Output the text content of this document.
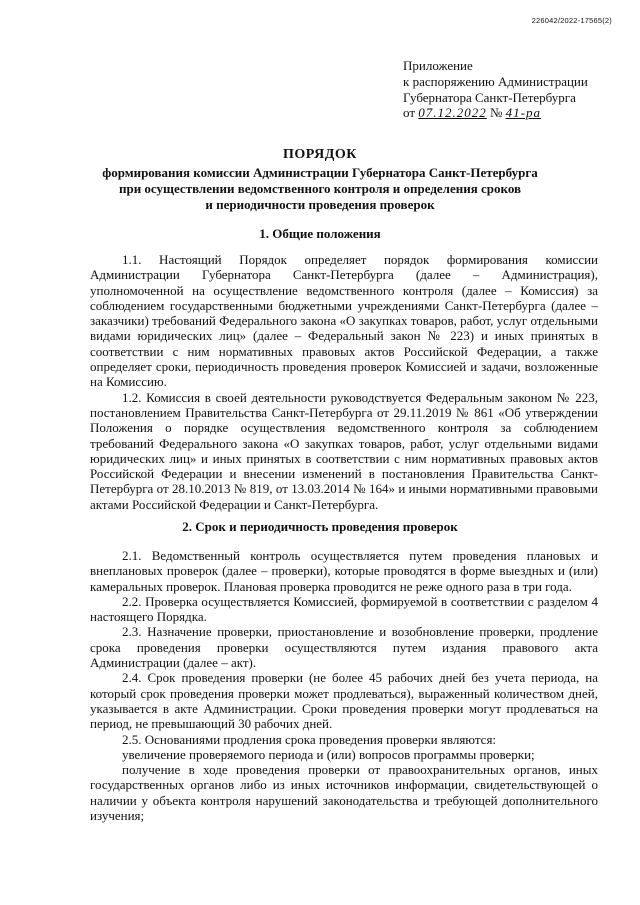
226042/2022-17565(2)
Приложение
к распоряжению Администрации
Губернатора Санкт-Петербурга
от 07.12.2022 № 41-ра
ПОРЯДОК
формирования комиссии Администрации Губернатора Санкт-Петербурга
при осуществлении ведомственного контроля и определения сроков
и периодичности проведения проверок
1. Общие положения

1.1. Настоящий Порядок определяет порядок формирования комиссии Администрации Губернатора Санкт-Петербурга (далее – Администрация), уполномоченной на осуществление ведомственного контроля (далее – Комиссия) за соблюдением государственными бюджетными учреждениями Санкт-Петербурга (далее – заказчики) требований Федерального закона «О закупках товаров, работ, услуг отдельными видами юридических лиц» (далее – Федеральный закон № 223) и иных принятых в соответствии с ним нормативных правовых актов Российской Федерации, а также определяет сроки, периодичность проведения проверок Комиссией и задачи, возложенные на Комиссию.

1.2. Комиссия в своей деятельности руководствуется Федеральным законом № 223, постановлением Правительства Санкт-Петербурга от 29.11.2019 № 861 «Об утверждении Положения о порядке осуществления ведомственного контроля за соблюдением требований Федерального закона «О закупках товаров, работ, услуг отдельными видами юридических лиц» и иных принятых в соответствии с ним нормативных правовых актов Российской Федерации и внесении изменений в постановления Правительства Санкт-Петербурга от 28.10.2013 № 819, от 13.03.2014 № 164» и иными нормативными правовыми актами Российской Федерации и Санкт-Петербурга.

2. Срок и периодичность проведения проверок

2.1. Ведомственный контроль осуществляется путем проведения плановых и внеплановых проверок (далее – проверки), которые проводятся в форме выездных и (или) камеральных проверок. Плановая проверка проводится не реже одного раза в три года.

2.2. Проверка осуществляется Комиссией, формируемой в соответствии с разделом 4 настоящего Порядка.

2.3. Назначение проверки, приостановление и возобновление проверки, продление срока проведения проверки осуществляются путем издания правового акта Администрации (далее – акт).

2.4. Срок проведения проверки (не более 45 рабочих дней без учета периода, на который срок проведения проверки может продлеваться), выраженный количеством дней, указывается в акте Администрации. Сроки проведения проверки могут продлеваться на период, не превышающий 30 рабочих дней.

2.5. Основаниями продления срока проведения проверки являются:

увеличение проверяемого периода и (или) вопросов программы проверки;

получение в ходе проведения проверки от правоохранительных органов, иных государственных органов либо из иных источников информации, свидетельствующей о наличии у объекта контроля нарушений законодательства и требующей дополнительного изучения;
